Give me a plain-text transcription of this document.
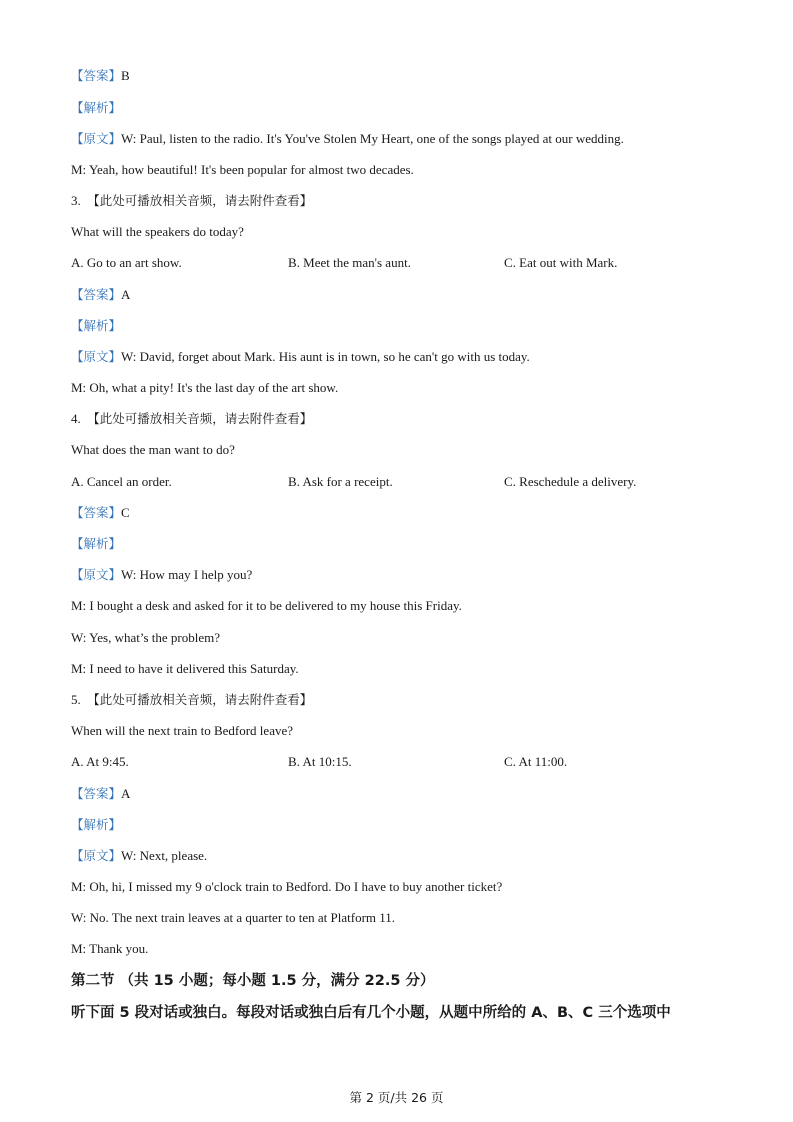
【答案】B
【解析】
【原文】W: Paul, listen to the radio. It's You've Stolen My Heart, one of the songs played at our wedding.
M: Yeah, how beautiful! It's been popular for almost two decades.
3. 【此处可播放相关音频，请去附件查看】
What will the speakers do today?
A. Go to an art show.	B. Meet the man's aunt.	C. Eat out with Mark.
【答案】A
【解析】
【原文】W: David, forget about Mark. His aunt is in town, so he can't go with us today.
M: Oh, what a pity! It's the last day of the art show.
4. 【此处可播放相关音频，请去附件查看】
What does the man want to do?
A. Cancel an order.	B. Ask for a receipt.	C. Reschedule a delivery.
【答案】C
【解析】
【原文】W: How may I help you?
M: I bought a desk and asked for it to be delivered to my house this Friday.
W: Yes, what’s the problem?
M: I need to have it delivered this Saturday.
5. 【此处可播放相关音频，请去附件查看】
When will the next train to Bedford leave?
A. At 9:45.	B. At 10:15.	C. At 11:00.
【答案】A
【解析】
【原文】W: Next, please.
M: Oh, hi, I missed my 9 o'clock train to Bedford. Do I have to buy another ticket?
W: No. The next train leaves at a quarter to ten at Platform 11.
M: Thank you.
第二节 （共 15 小题；每小题 1.5 分，满分 22.5 分）
听下面 5 段对话或独白。每段对话或独白后有几个小题，从题中所给的 A、B、C 三个选项中
第 2 页/共 26 页
